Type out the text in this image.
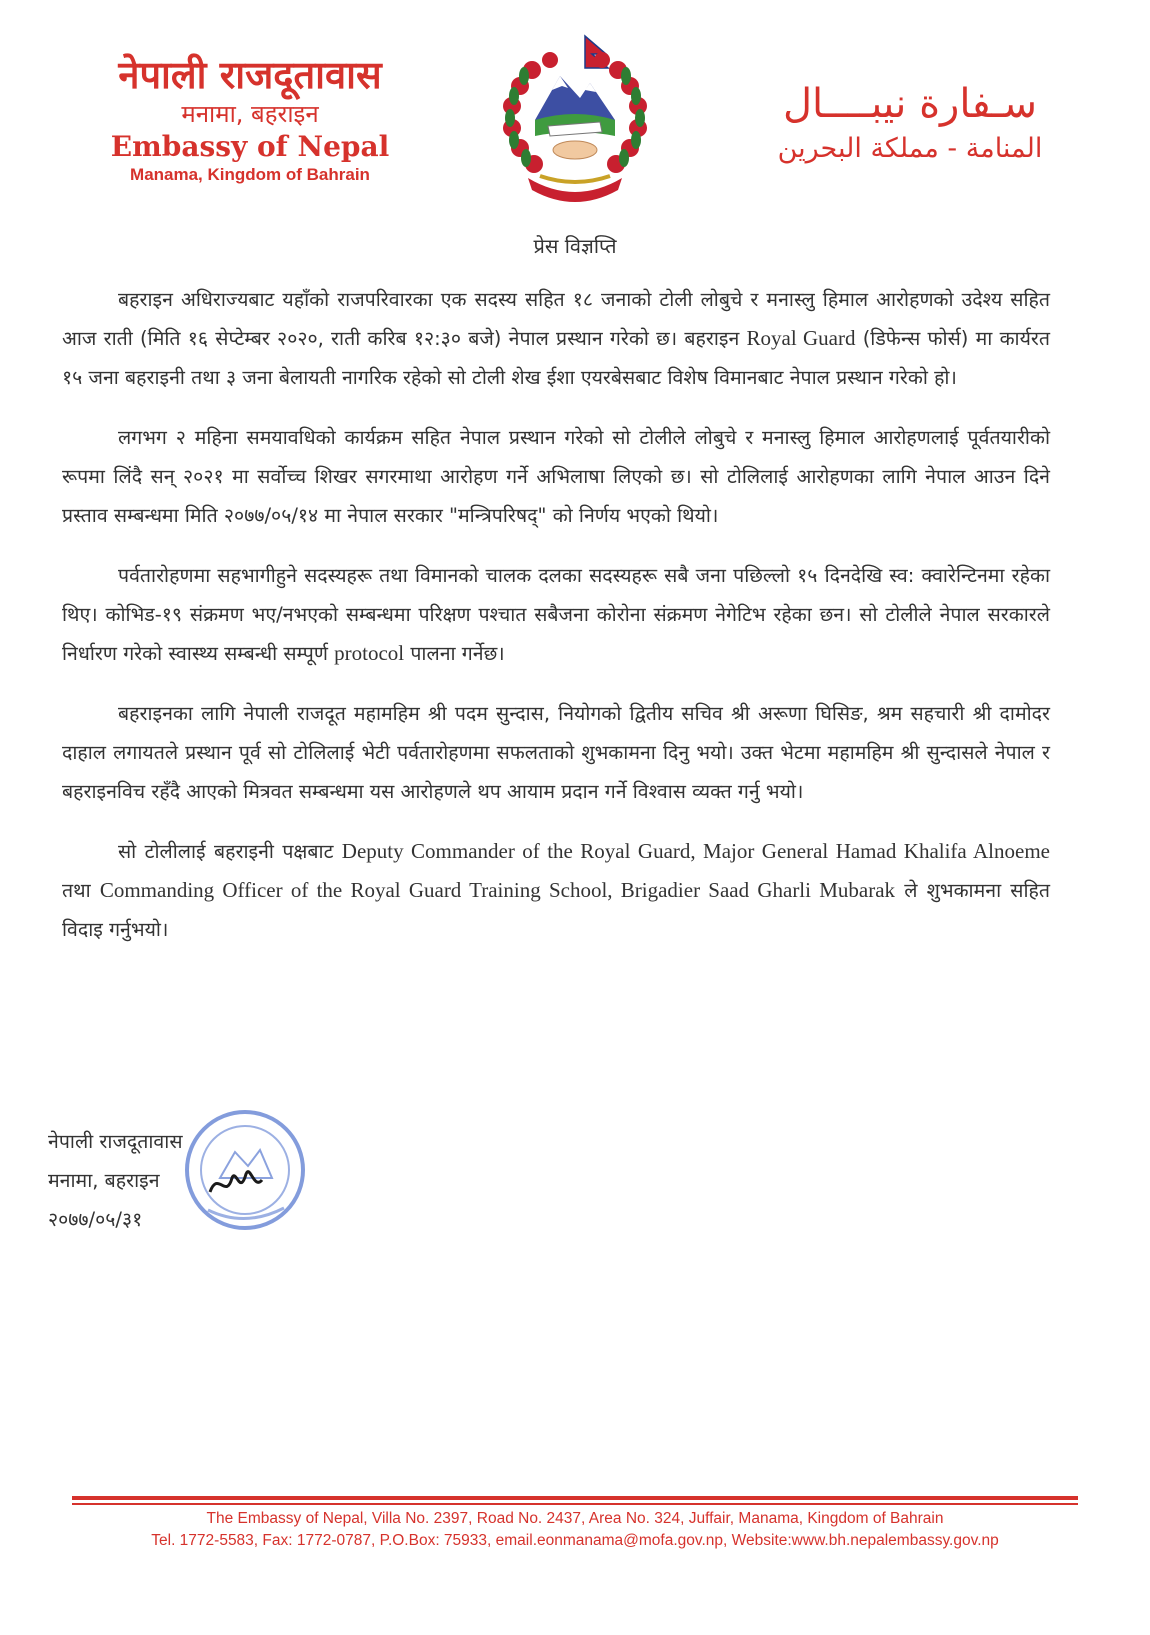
नेपाली राजदूतावास
मनामा, बहराइन
Embassy of Nepal
Manama, Kingdom of Bahrain
سـفارة نيبــــال
المنامة - مملكة البحرين
प्रेस विज्ञप्ति

बहराइन अधिराज्यबाट यहाँको राजपरिवारका एक सदस्य सहित १८ जनाको टोली लोबुचे र मनास्लु हिमाल आरोहणको उदेश्य सहित आज राती (मिति १६ सेप्टेम्बर २०२०, राती करिब १२:३० बजे) नेपाल प्रस्थान गरेको छ। बहराइन Royal Guard (डिफेन्स फोर्स) मा कार्यरत १५ जना बहराइनी तथा ३ जना बेलायती नागरिक रहेको सो टोली शेख ईशा एयरबेसबाट विशेष विमानबाट नेपाल प्रस्थान गरेको हो।

लगभग २ महिना समयावधिको कार्यक्रम सहित नेपाल प्रस्थान गरेको सो टोलीले लोबुचे र मनास्लु हिमाल आरोहणलाई पूर्वतयारीको रूपमा लिंदै सन् २०२१ मा सर्वोच्च शिखर सगरमाथा आरोहण गर्ने अभिलाषा लिएको छ। सो टोलिलाई आरोहणका लागि नेपाल आउन दिने प्रस्ताव सम्बन्धमा मिति २०७७/०५/१४ मा नेपाल सरकार "मन्त्रिपरिषद्" को निर्णय भएको थियो।

पर्वतारोहणमा सहभागीहुने सदस्यहरू तथा विमानको चालक दलका सदस्यहरू सबै जना पछिल्लो १५ दिनदेखि स्व: क्वारेन्टिनमा रहेका थिए। कोभिड-१९ संक्रमण भए/नभएको सम्बन्धमा परिक्षण पश्चात सबैजना कोरोना संक्रमण नेगेटिभ रहेका छन। सो टोलीले नेपाल सरकारले निर्धारण गरेको स्वास्थ्य सम्बन्धी सम्पूर्ण protocol पालना गर्नेछ।

बहराइनका लागि नेपाली राजदूत महामहिम श्री पदम सुन्दास, नियोगको द्वितीय सचिव श्री अरूणा घिसिङ, श्रम सहचारी श्री दामोदर दाहाल लगायतले प्रस्थान पूर्व सो टोलिलाई भेटी पर्वतारोहणमा सफलताको शुभकामना दिनु भयो। उक्त भेटमा महामहिम श्री सुन्दासले नेपाल र बहराइनविच रहँदै आएको मित्रवत सम्बन्धमा यस आरोहणले थप आयाम प्रदान गर्ने विश्वास व्यक्त गर्नु भयो।

सो टोलीलाई बहराइनी पक्षबाट Deputy Commander of the Royal Guard, Major General Hamad Khalifa Alnoeme तथा Commanding Officer of the Royal Guard Training School, Brigadier Saad Gharli Mubarak ले शुभकामना सहित विदाइ गर्नुभयो।

नेपाली राजदूतावास
मनामा, बहराइन
२०७७/०५/३१
The Embassy of Nepal, Villa No. 2397, Road No. 2437, Area No. 324, Juffair, Manama, Kingdom of Bahrain
Tel. 1772-5583, Fax: 1772-0787, P.O.Box: 75933, email.eonmanama@mofa.gov.np, Website:www.bh.nepalembassy.gov.np
